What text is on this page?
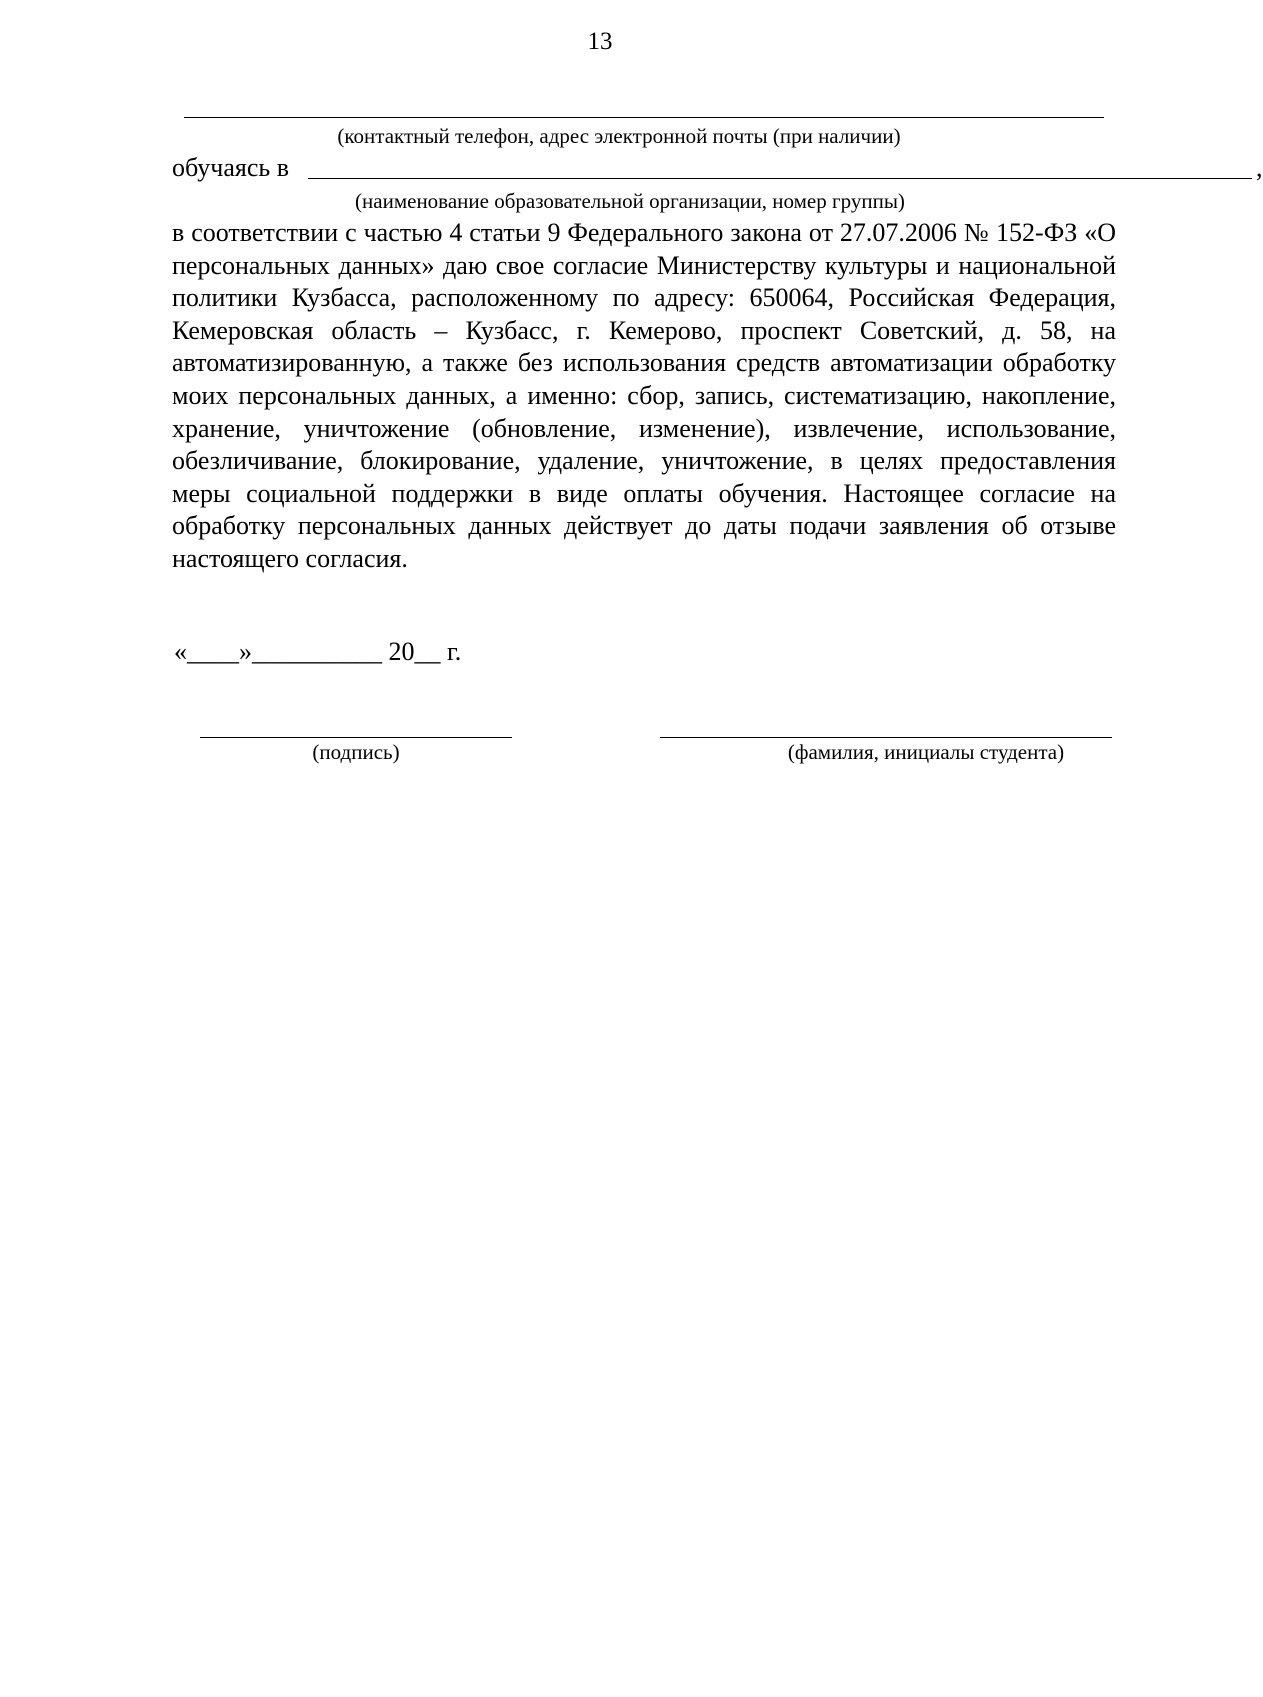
13
(контактный телефон, адрес электронной почты (при наличии)
обучаясь в	,
(наименование образовательной организации, номер группы)

в соответствии с частью 4 статьи 9 Федерального закона от 27.07.2006 № 152-ФЗ «О персональных данных» даю свое согласие Министерству культуры и национальной политики Кузбасса, расположенному по адресу: 650064, Российская Федерация, Кемеровская область – Кузбасс, г. Кемерово, проспект Советский, д. 58, на автоматизированную, а также без использования средств автоматизации обработку моих персональных данных, а именно: сбор, запись, систематизацию, накопление, хранение, уничтожение (обновление, изменение), извлечение, использование, обезличивание, блокирование, удаление, уничтожение, в целях предоставления меры социальной поддержки в виде оплаты обучения. Настоящее согласие на обработку персональных данных действует до даты подачи заявления об отзыве настоящего согласия.

«____»__________ 20__ г.
(подпись)	(фамилия, инициалы студента)
